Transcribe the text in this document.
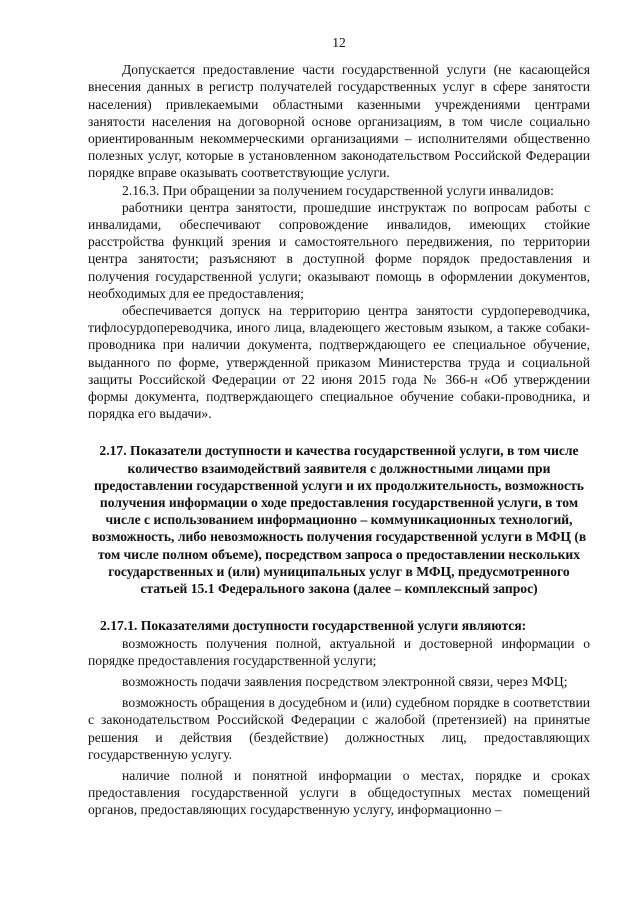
12

Допускается предоставление части государственной услуги (не касающейся внесения данных в регистр получателей государственных услуг в сфере занятости населения) привлекаемыми областными казенными учреждениями центрами занятости населения на договорной основе организациям, в том числе социально ориентированным некоммерческими организациями – исполнителями общественно полезных услуг, которые в установленном законодательством Российской Федерации порядке вправе оказывать соответствующие услуги.

2.16.3. При обращении за получением государственной услуги инвалидов:

работники центра занятости, прошедшие инструктаж по вопросам работы с инвалидами, обеспечивают сопровождение инвалидов, имеющих стойкие расстройства функций зрения и самостоятельного передвижения, по территории центра занятости; разъясняют в доступной форме порядок предоставления и получения государственной услуги; оказывают помощь в оформлении документов, необходимых для ее предоставления;

обеспечивается допуск на территорию центра занятости сурдопереводчика, тифлосурдопереводчика, иного лица, владеющего жестовым языком, а также собаки-проводника при наличии документа, подтверждающего ее специальное обучение, выданного по форме, утвержденной приказом Министерства труда и социальной защиты Российской Федерации от 22 июня 2015 года № 366-н «Об утверждении формы документа, подтверждающего специальное обучение собаки-проводника, и порядка его выдачи».

2.17. Показатели доступности и качества государственной услуги, в том числе количество взаимодействий заявителя с должностными лицами при предоставлении государственной услуги и их продолжительность, возможность получения информации о ходе предоставления государственной услуги, в том числе с использованием информационно – коммуникационных технологий, возможность, либо невозможность получения государственной услуги в МФЦ (в том числе полном объеме), посредством запроса о предоставлении нескольких государственных и (или) муниципальных услуг в МФЦ, предусмотренного статьей 15.1 Федерального закона (далее – комплексный запрос)

2.17.1. Показателями доступности государственной услуги являются:

возможность получения полной, актуальной и достоверной информации о порядке предоставления государственной услуги;

возможность подачи заявления посредством электронной связи, через МФЦ;

возможность обращения в досудебном и (или) судебном порядке в соответствии с законодательством Российской Федерации с жалобой (претензией) на принятые решения и действия (бездействие) должностных лиц, предоставляющих государственную услугу.

наличие полной и понятной информации о местах, порядке и сроках предоставления государственной услуги в общедоступных местах помещений органов, предоставляющих государственную услугу, информационно –
